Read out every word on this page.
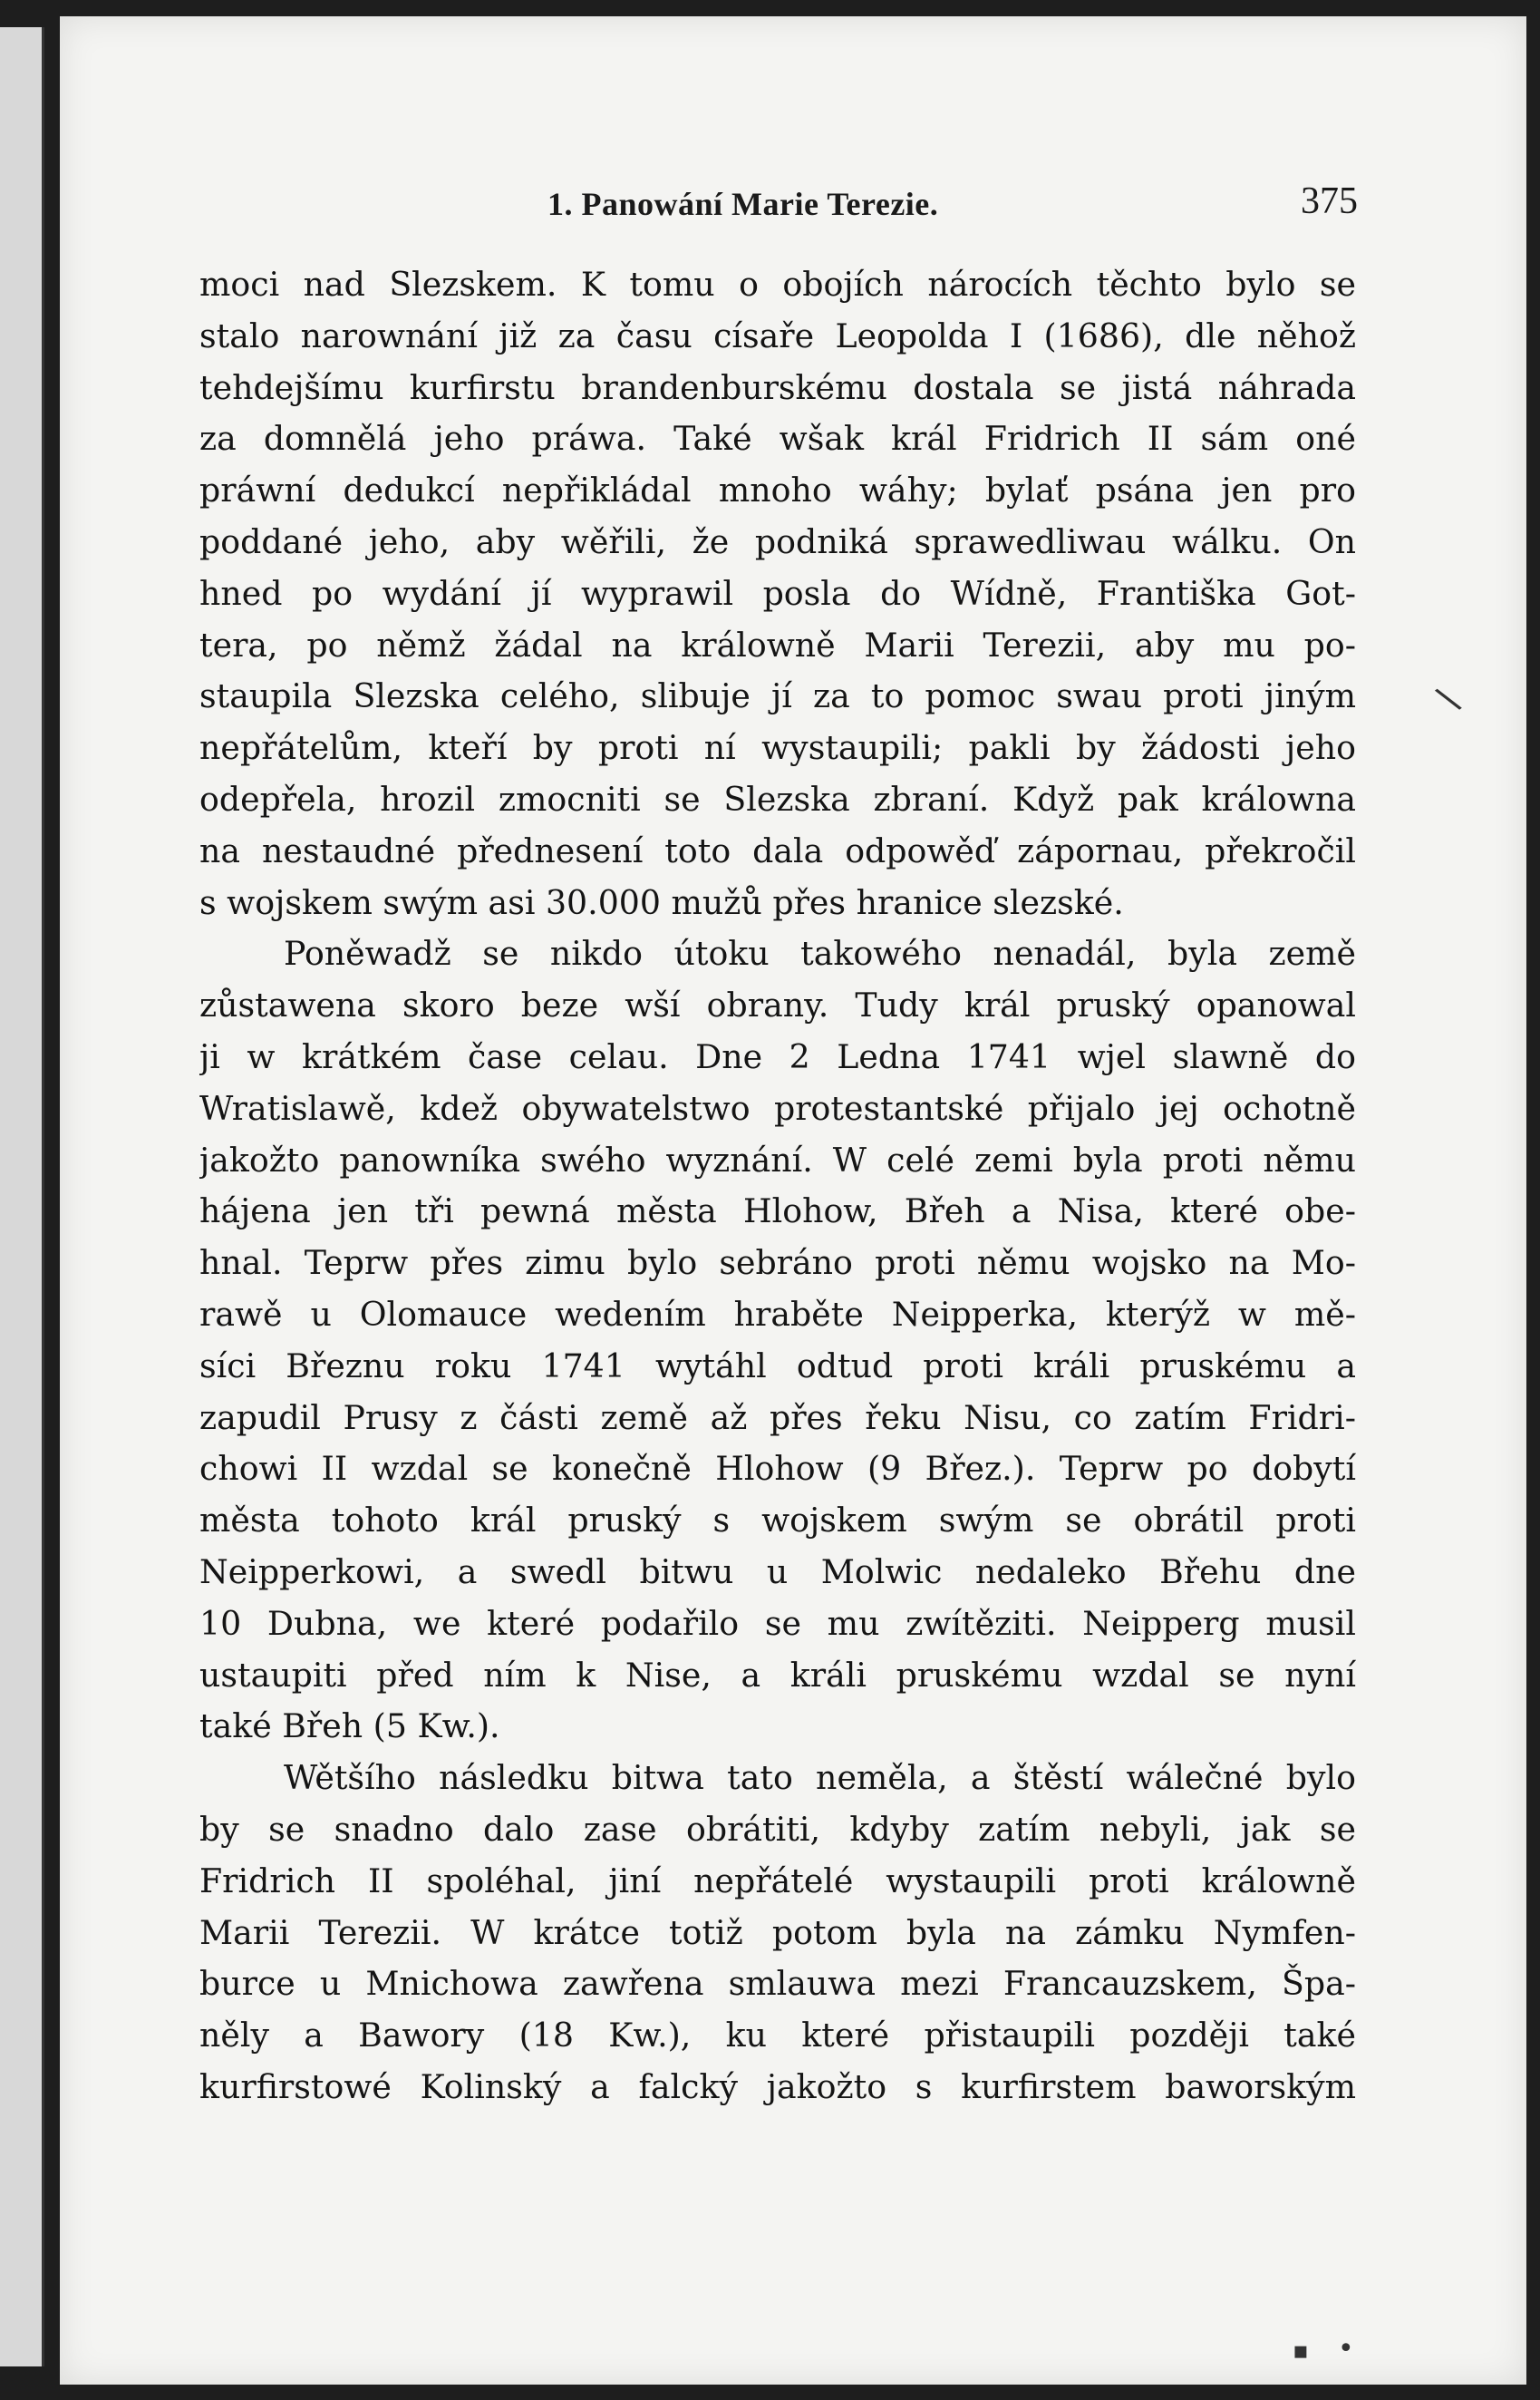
1. Panowání Marie Terezie.	375
moci nad Slezskem. K tomu o obojích nárocích těchto bylo se
stalo narownání již za času císaře Leopolda I (1686), dle něhož
tehdejšímu kurfirstu brandenburskému dostala se jistá náhrada
za domnělá jeho práwa. Také wšak král Fridrich II sám oné
práwní dedukcí nepřikládal mnoho wáhy; bylať psána jen pro
poddané jeho, aby wěřili, že podniká sprawedliwau wálku. On
hned po wydání jí wyprawil posla do Wídně, Františka Got-
tera, po němž žádal na králowně Marii Terezii, aby mu po-
staupila Slezska celého, slibuje jí za to pomoc swau proti jiným
nepřátelům, kteří by proti ní wystaupili; pakli by žádosti jeho
odepřela, hrozil zmocniti se Slezska zbraní. Když pak králowna
na nestaudné přednesení toto dala odpowěď zápornau, překročil
s wojskem swým asi 30.000 mužů přes hranice slezské.
Poněwadž se nikdo útoku takowého nenadál, byla země
zůstawena skoro beze wší obrany. Tudy král pruský opanowal
ji w krátkém čase celau. Dne 2 Ledna 1741 wjel slawně do
Wratislawě, kdež obywatelstwo protestantské přijalo jej ochotně
jakožto panowníka swého wyznání. W celé zemi byla proti němu
hájena jen tři pewná města Hlohow, Břeh a Nisa, které obe-
hnal. Teprw přes zimu bylo sebráno proti němu wojsko na Mo-
rawě u Olomauce wedením hraběte Neipperka, kterýž w mě-
síci Březnu roku 1741 wytáhl odtud proti králi pruskému a
zapudil Prusy z části země až přes řeku Nisu, co zatím Fridri-
chowi II wzdal se konečně Hlohow (9 Břez.). Teprw po dobytí
města tohoto král pruský s wojskem swým se obrátil proti
Neipperkowi, a swedl bitwu u Molwic nedaleko Břehu dne
10 Dubna, we které podařilo se mu zwítěziti. Neipperg musil
ustaupiti před ním k Nise, a králi pruskému wzdal se nyní
také Břeh (5 Kw.).
Wětšího následku bitwa tato neměla, a štěstí wálečné bylo
by se snadno dalo zase obrátiti, kdyby zatím nebyli, jak se
Fridrich II spoléhal, jiní nepřátelé wystaupili proti králowně
Marii Terezii. W krátce totiž potom byla na zámku Nymfen-
burce u Mnichowa zawřena smlauwa mezi Francauzskem, Špa-
něly a Bawory (18 Kw.), ku které přistaupili později také
kurfirstowé Kolinský a falcký jakožto s kurfirstem baworským
\
▪ •
